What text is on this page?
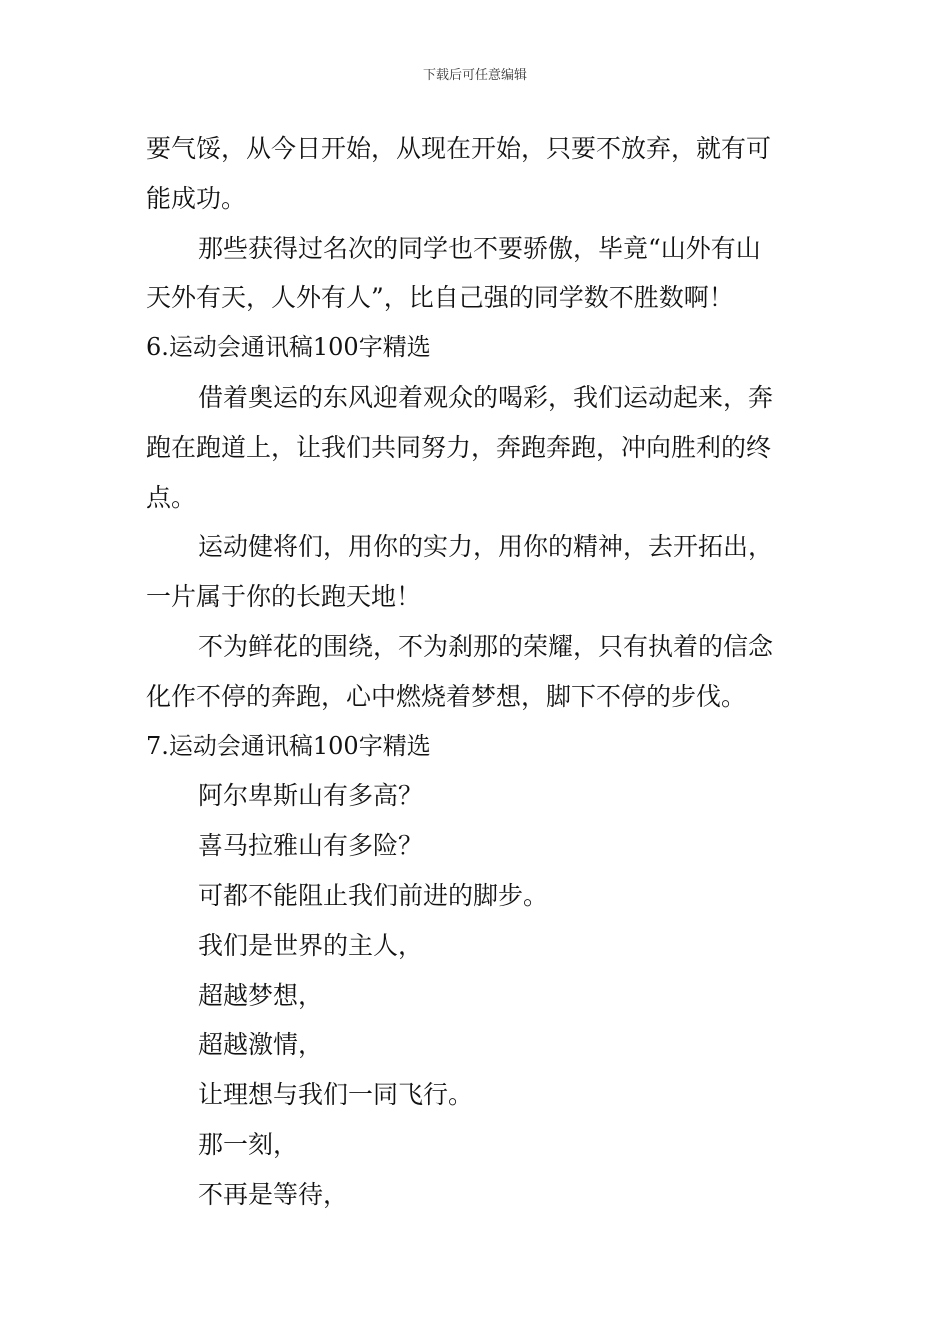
下载后可任意编辑
要气馁，从今日开始，从现在开始，只要不放弃，就有可
能成功。
那些获得过名次的同学也不要骄傲，毕竟“山外有山
天外有天，人外有人”，比自己强的同学数不胜数啊！
6.运动会通讯稿100字精选
借着奥运的东风迎着观众的喝彩，我们运动起来，奔
跑在跑道上，让我们共同努力，奔跑奔跑，冲向胜利的终
点。
运动健将们，用你的实力，用你的精神，去开拓出，
一片属于你的长跑天地！
不为鲜花的围绕，不为刹那的荣耀，只有执着的信念
化作不停的奔跑，心中燃烧着梦想，脚下不停的步伐。
7.运动会通讯稿100字精选
阿尔卑斯山有多高？
喜马拉雅山有多险？
可都不能阻止我们前进的脚步。
我们是世界的主人，
超越梦想，
超越激情，
让理想与我们一同飞行。
那一刻，
不再是等待，
